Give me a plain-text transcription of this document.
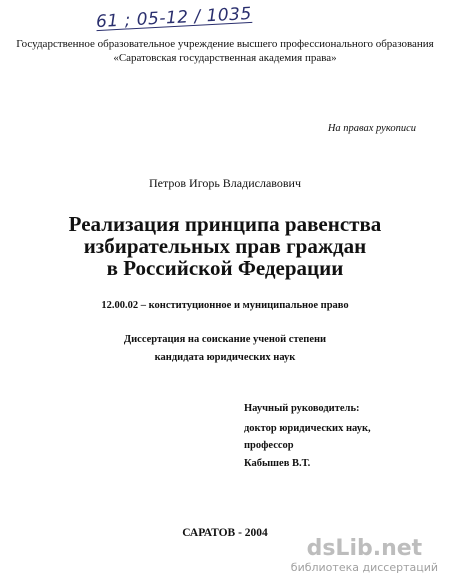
61 ; 05-12 / 1035
Государственное образовательное учреждение высшего профессионального образования
«Саратовская государственная академия права»
На правах рукописи
Петров Игорь Владиславович
Реализация принципа равенства
избирательных прав граждан
в Российской Федерации
12.00.02 – конституционное и муниципальное право
Диссертация на соискание ученой степени
кандидата юридических наук
Научный руководитель:
доктор юридических наук,
профессор
Кабышев В.Т.
САРАТОВ - 2004
dsLib.net
библиотека диссертаций
